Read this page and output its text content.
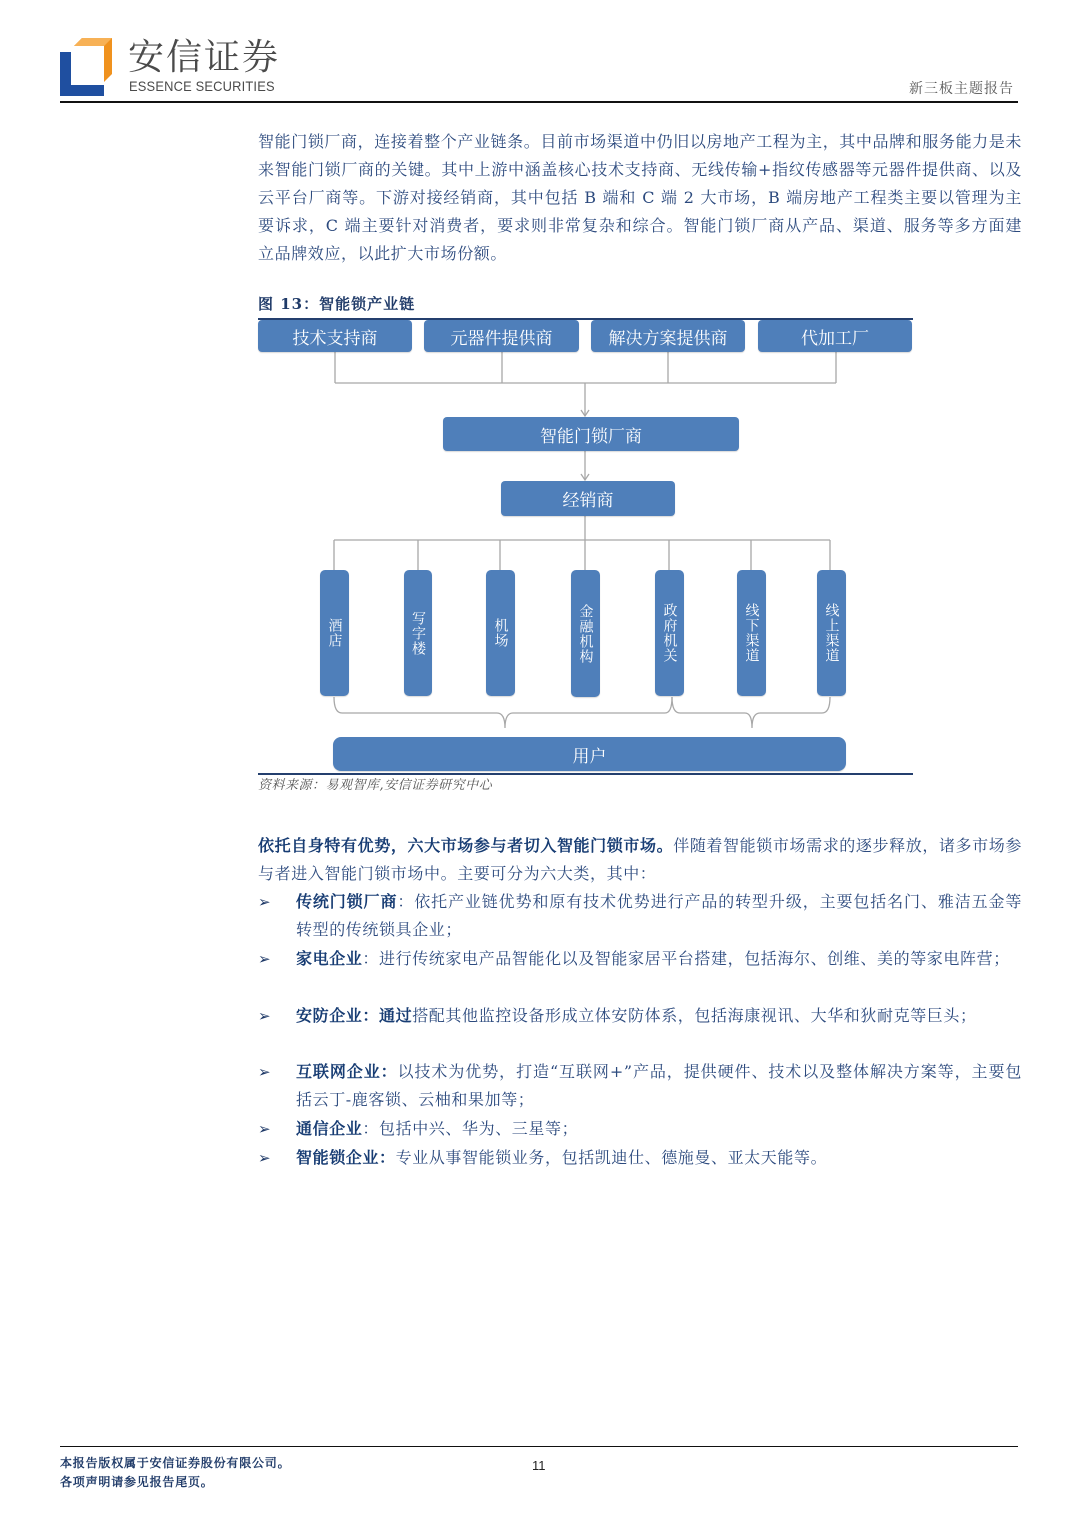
安信证券
ESSENCE SECURITIES	新三板主题报告
智能门锁厂商，连接着整个产业链条。目前市场渠道中仍旧以房地产工程为主，其中品牌和服务能力是未来智能门锁厂商的关键。其中上游中涵盖核心技术支持商、无线传输+指纹传感器等元器件提供商、以及云平台厂商等。下游对接经销商，其中包括 B 端和 C 端 2 大市场，B 端房地产工程类主要以管理为主要诉求，C 端主要针对消费者，要求则非常复杂和综合。智能门锁厂商从产品、渠道、服务等多方面建立品牌效应，以此扩大市场份额。
图 13：智能锁产业链
技术支持商	元器件提供商	解决方案提供商	代加工厂
智能门锁厂商
经销商
酒店	写字楼	机场	金融机构	政府机关	线下渠道	线上渠道
用户
资料来源：易观智库,安信证券研究中心
依托自身特有优势，六大市场参与者切入智能门锁市场。伴随着智能锁市场需求的逐步释放，诸多市场参与者进入智能门锁市场中。主要可分为六大类，其中：
➢ 传统门锁厂商：依托产业链优势和原有技术优势进行产品的转型升级，主要包括名门、雅洁五金等转型的传统锁具企业；
➢ 家电企业：进行传统家电产品智能化以及智能家居平台搭建，包括海尔、创维、美的等家电阵营；
➢ 安防企业：通过搭配其他监控设备形成立体安防体系，包括海康视讯、大华和狄耐克等巨头；
➢ 互联网企业：以技术为优势，打造“互联网+”产品，提供硬件、技术以及整体解决方案等，主要包括云丁-鹿客锁、云柚和果加等；
➢ 通信企业：包括中兴、华为、三星等；
➢ 智能锁企业：专业从事智能锁业务，包括凯迪仕、德施曼、亚太天能等。
本报告版权属于安信证券股份有限公司。
各项声明请参见报告尾页。
11
